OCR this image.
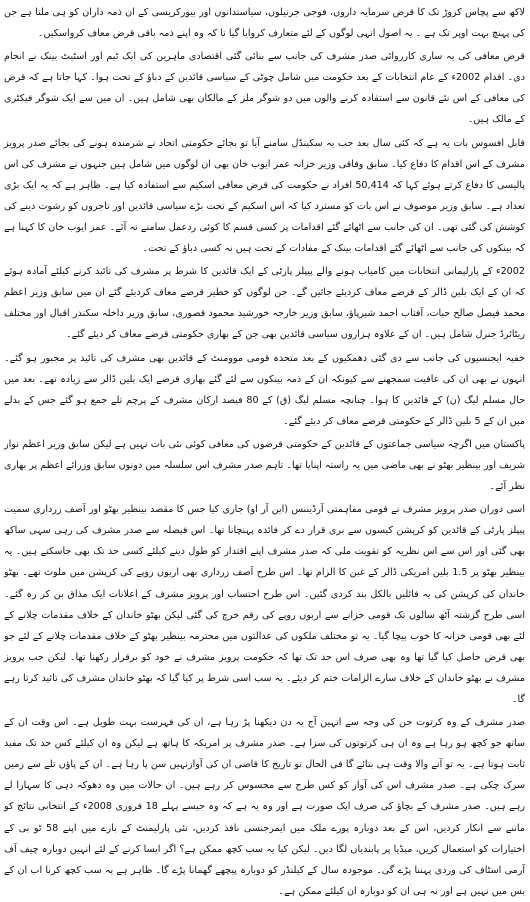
لاکھ سے پچاس کروڑ تک کا قرض سرمایہ داروں، فوجی جرنیلوں، سیاستدانوں اور بیورکریسی کے ان ذمہ داران کو ہی ملتا ہے جن کی پہنچ بہت اوپر تک ہے ۔ یہ اصول انہی لوگوں کے لئے متعارف کروایا گیا تا کہ وہ اپنے ذمہ باقی قرض معاف کرواسکیں۔

قرض معافی کی یہ ساری کارروائی صدر مشرف کی جانب سے بنائی گئی اقتصادی ماہرین کی ایک ٹیم اور اسٹیٹ بینک نے انجام دی۔ اقدام 2002ء کے عام انتخابات کے بعد حکومت میں شامل چوٹی کے سیاسی قائدین کے دباؤ کے تحت ہوا۔ کہا جاتا ہے کہ قرض کی معافی کے اس نئے قانون سے استفادہ کرنے والوں میں دو شوگر ملز کے مالکان بھی شامل ہیں۔ ان میں سے ایک شوگر فیکٹری کے مالک ہیں۔

قابل افسوس بات یہ ہے کہ کئی سال بعد جب یہ سکینڈل سامنے آیا تو بجائے حکومتی اتحاد نے شرمندہ ہونے کی بجائے صدر پرویز مشرف کے اس اقدام کا دفاع کیا۔ سابق وفاقی وزیر خزانہ عمر ایوب خان بھی ان لوگوں میں شامل ہیں جنہوں نے مشرف کی اس پالیسی کا دفاع کرتے ہوئے کہا کہ 50,414 افراد نے حکومت کی قرض معافی اسکیم سے استفادہ کیا ہے۔ ظاہر ہے کہ یہ ایک بڑی تعداد ہے۔ سابق وزیر موصوف نے اس بات کو مسترد کیا کہ اس اسکیم کے تحت بڑے سیاسی قائدین اور تاجروں کو رشوت دینے کی کوشش کی گئی تھی۔ ان کی جانب سے اٹھائے گئے اقدامات پر کسی قسم کا کوئی ردعمل سامنے نہ آئے۔ عمر ایوب خان کا کہنا ہے کہ بینکوں کی جانب سے اٹھائے گئے اقدامات بینک کے مفادات کے تحت ہیں نہ کسی دباؤ کے تحت۔

2002ء کے پارلیمانی انتخابات میں کامیاب ہونے والے پیپلز پارٹی کے ایک قائدین کا شرط پر مشرف کی تائید کرنے کیلئے آمادہ ہوئے کہ ان کے ایک بلین ڈالر کے قرضے معاف کردیئے جائیں گے۔ جن لوگوں کو خطیر قرضے معاف کردیئے گئے ان میں سابق وزیر اعظم محمد فیصل صالح حیات، آفتاب احمد شیرپاؤ، سابق وزیر خارجہ خورشید محمود قصوری، سابق وزیر داخلہ سکندر اقبال اور مختلف ریٹائرڈ جنرل شامل ہیں۔ ان کے علاوہ ہزاروں سیاسی قائدین بھی جن کے بھاری حکومتی قرضے معاف کر دیئے گئے۔

خفیہ ایجنسیوں کی جانب سے دی گئی دھمکیوں کے بعد متحدہ قومی موومنٹ کے قائدین بھی مشرف کی تائید پر مجبور ہو گئے۔ انہوں نے بھی ان کی عافیت سمجھنے سے کیونکہ ان کے ذمہ بینکوں سے لئے گئے بھاری قرضے ایک بلین ڈالر سے زیادہ تھے۔ بعد میں حال مسلم لیگ (ن) کے قائدین کا ہوا۔ چنانچہ مسلم لیگ (ق) کے 80 فیصد ارکان مشرف کے پرچم تلے جمع ہو گئے جس کے بدلے میں ان کے 5 بلین ڈالر کے حکومتی قرضے معاف کر دیئے گئے۔

پاکستان میں اگرچہ سیاسی جماعتوں کے قائدین کے حکومتی قرضوں کی معافی کوئی نئی بات نہیں ہے لیکن سابق وزیر اعظم نواز شریف اور بینظیر بھٹو نے بھی ماضی میں یہ راستہ اپنایا تھا۔ تاہم صدر مشرف اس سلسلہ میں دونوں سابق وزرائے اعظم پر بھاری نظر آئے۔

اسی دوران صدر پرویز مشرف نے قومی مفاہمتی آرڈیننس (این آر او) جاری کیا جس کا مقصد بینظیر بھٹو اور آصف زرداری سمیت پیپلز پارٹی کے قائدین کو کرپشن کیسوں سے بری قرار دے کر فائدہ پہنچانا تھا۔ اس فیصلہ سے صدر مشرف کی رہی سہی ساکھ بھی گئی اور اس سے اس نظریہ کو تقویت ملی کہ صدر مشرف اپنے اقتدار کو طول دینے کیلئے کسی حد تک بھی جاسکتے ہیں۔ یہ بینظیر بھٹو پر 1.5 بلین امریکی ڈالر کے غبن کا الزام تھا۔ اس طرح آصف زرداری بھی اربوں روپے کی کرپشن میں ملوث تھے۔ بھٹو خاندان کی کرپشن کی یہ فائلیں بالکل بند کردی گئیں۔ اس طرح احتساب اور پرویز مشرف کے اعلانات ایک مذاق بن کر رہ گئے۔ اسی طرح گزشتہ آٹھ سالوں تک قومی خزانے سے اربوں روپے کی رقم خرچ کی گئی لیکن بھٹو خاندان کے خلاف مقدمات چلانے کے لئے بھی قومی خزانہ کا خوب بیچا گیا۔ یہ تو مختلف ملکوں کی عدالتوں میں محترمہ بینظیر بھٹو کے خلاف مقدمات چلانے کے لئے جو بھی قرض حاصل کیا گیا تھا وہ بھی صرف اس حد تک تھا کہ حکومت پرویز مشرف نے خود کو برقرار رکھنا تھا۔ لیکن جب پرویز مشرف نے بھٹو خاندان کے خلاف سارے الزامات ختم کر دیئے۔ یہ سب اسی شرط پر کیا گیا کہ بھٹو خاندان مشرف کی تائید کرتا رہے گا۔

صدر مشرف کے وہ کرتوت جن کی وجہ سے انہیں آج یہ دن دیکھنا پڑ رہا ہے، ان کی فہرست بہت طویل ہے۔ اس وقت ان کے ساتھ جو کچھ ہو رہا ہے وہ ان ہی کرتوتوں کی سزا ہے۔ صدر مشرف پر امریکہ کا ہاتھ ہے لیکن وہ ان کیلئے کس حد تک مفید ثابت ہوتا ہے۔ یہ تو آنے والا وقت ہی بتائے گا فی الحال تو تاریخ کا قاضی ان کی آوازنہیں سن پا رہا ہے۔ ان کے پاؤں تلے سے زمین سرک چکی ہے۔ صدر مشرف اس کی آواز کو کس طرح سے محسوس کر رہے ہیں۔ ان حالات میں وہ دھوکہ دہی کا سہارا لے رہے ہیں۔ صدر مشرف کے بچاؤ کی صرف ایک صورت ہے اور وہ یہ ہے کہ وہ جیسے پہلے 18 فروری 2008ء کے انتخابی نتائج کو ماننے سے انکار کردیں، اس کے بعد دوبارہ پورے ملک میں ایمرجنسی نافذ کردیں، نئی پارلیمنٹ کے بارے میں اپنے 58 ٹو بی کے اختیارات کو استعمال کریں، میڈیا پر پابندیاں لگا دیں۔ لیکن کیا یہ سب کچھ ممکن ہے؟ اگر ایسا کرنے کے لئے انہیں دوبارہ چیف آف آرمی اسٹاف کی وردی پہننا پڑے گی۔ موجودہ سال کے کیلنڈر کو دوبارہ پیچھے گھمانا پڑے گا۔ ظاہر ہے یہ سب کچھ کرنا اب ان کے بس میں نہیں ہے اور نہ ہی ان کو دوبارہ ان کیلئے ممکن ہے۔
